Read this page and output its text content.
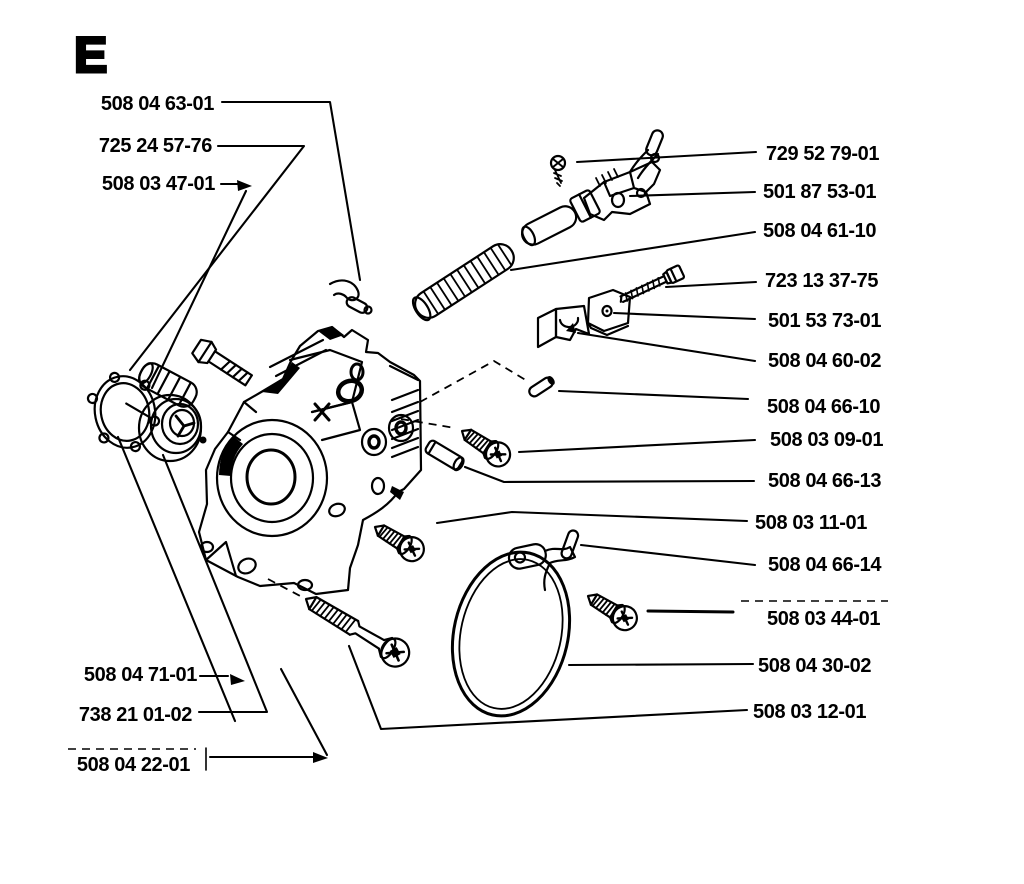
E
508 04 63-01
725 24 57-76
508 03 47-01
508 04 71-01
738 21 01-02
508 04 22-01
729 52 79-01
501 87 53-01
508 04 61-10
723 13 37-75
501 53 73-01
508 04 60-02
508 04 66-10
508 03 09-01
508 04 66-13
508 03 11-01
508 04 66-14
508 03 44-01
508 04 30-02
508 03 12-01
